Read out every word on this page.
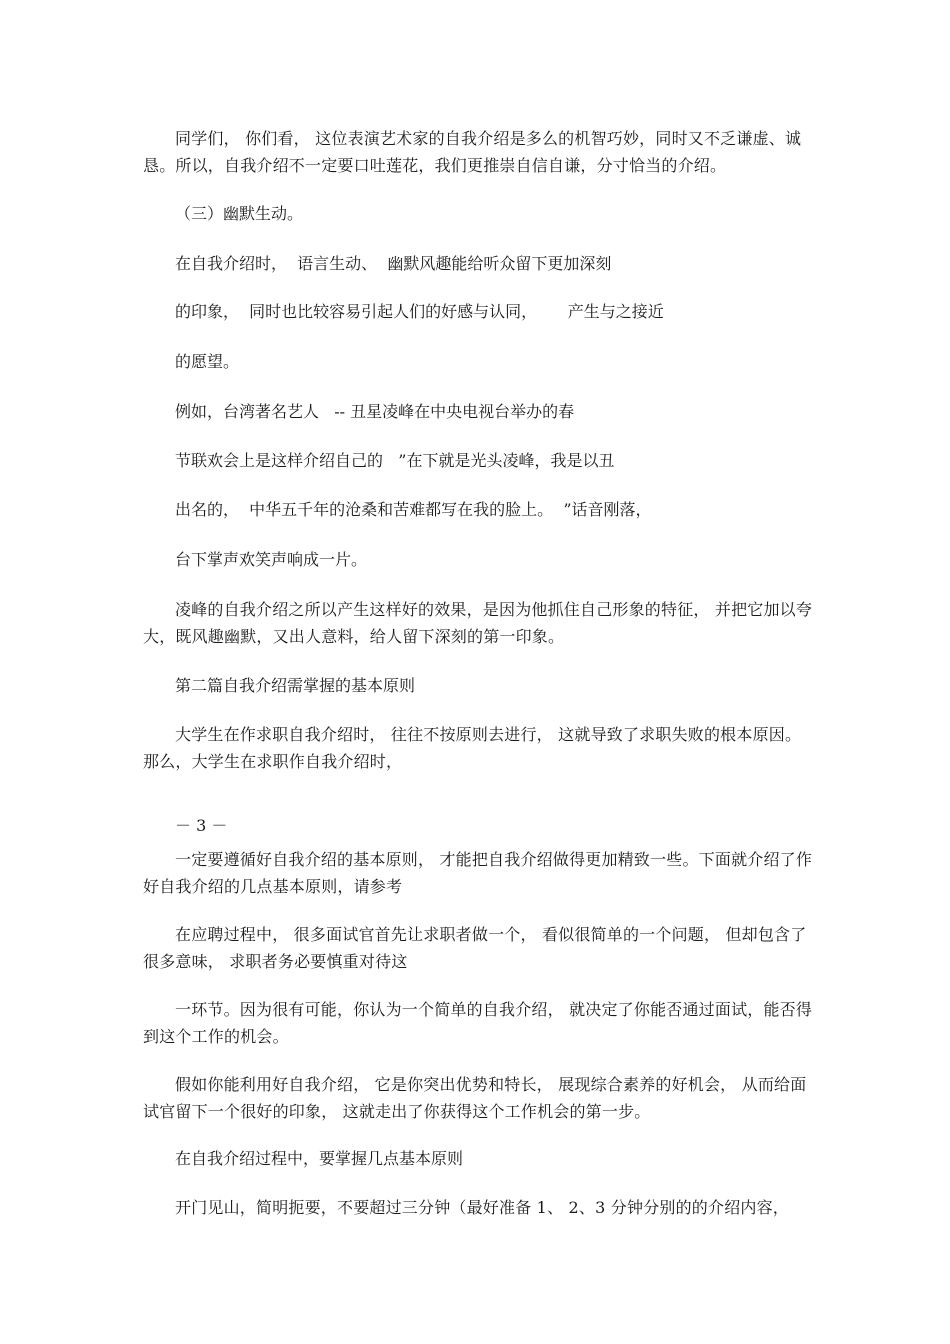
同学们， 你们看， 这位表演艺术家的自我介绍是多么的机智巧妙，同时又不乏谦虚、诚恳。所以，自我介绍不一定要口吐莲花，我们更推崇自信自谦，分寸恰当的介绍。

（三）幽默生动。

在自我介绍时，  语言生动、  幽默风趣能给听众留下更加深刻

的印象，  同时也比较容易引起人们的好感与认同，      产生与之接近

的愿望。

例如，台湾著名艺人   -- 丑星凌峰在中央电视台举办的春

节联欢会上是这样介绍自己的   ”在下就是光头凌峰，我是以丑

出名的，  中华五千年的沧桑和苦难都写在我的脸上。  ”话音刚落，

台下掌声欢笑声响成一片。

凌峰的自我介绍之所以产生这样好的效果，是因为他抓住自己形象的特征， 并把它加以夸大，既风趣幽默，又出人意料，给人留下深刻的第一印象。

第二篇自我介绍需掌握的基本原则

大学生在作求职自我介绍时， 往往不按原则去进行， 这就导致了求职失败的根本原因。那么，大学生在求职作自我介绍时，

－ 3 －

一定要遵循好自我介绍的基本原则， 才能把自我介绍做得更加精致一些。下面就介绍了作好自我介绍的几点基本原则，请参考

在应聘过程中， 很多面试官首先让求职者做一个， 看似很简单的一个问题， 但却包含了很多意味， 求职者务必要慎重对待这

一环节。因为很有可能，你认为一个简单的自我介绍， 就决定了你能否通过面试，能否得到这个工作的机会。

假如你能利用好自我介绍， 它是你突出优势和特长， 展现综合素养的好机会， 从而给面试官留下一个很好的印象， 这就走出了你获得这个工作机会的第一步。

在自我介绍过程中，要掌握几点基本原则

开门见山，简明扼要，不要超过三分钟（最好准备 1、 2、3 分钟分别的的介绍内容，
